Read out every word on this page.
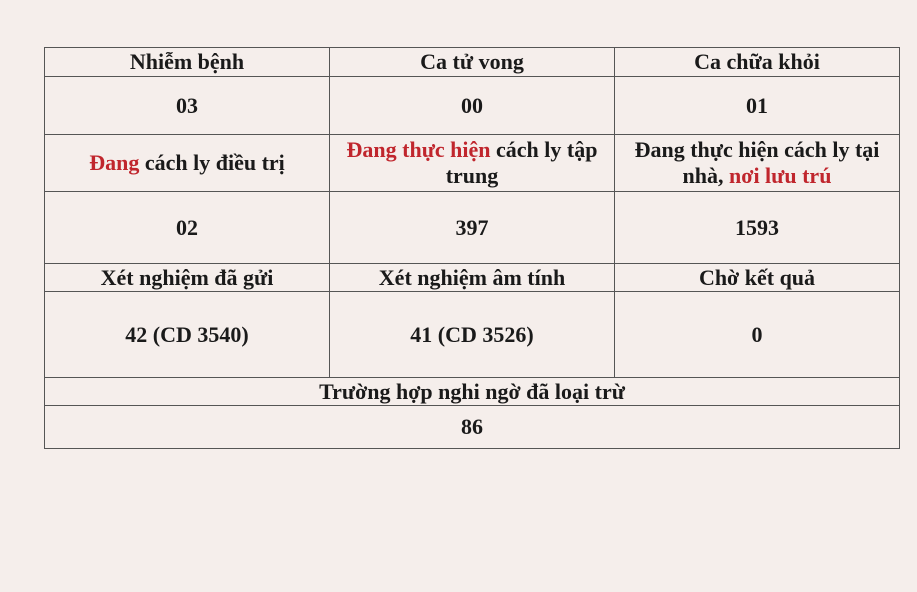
Nhiễm bệnh	Ca tử vong	Ca chữa khỏi
03	00	01
Đang cách ly điều trị	Đang thực hiện cách ly tập trung	Đang thực hiện cách ly tại nhà, nơi lưu trú
02	397	1593
Xét nghiệm đã gửi	Xét nghiệm âm tính	Chờ kết quả
42 (CD 3540)	41 (CD 3526)	0
Trường hợp nghi ngờ đã loại trừ		
86		
